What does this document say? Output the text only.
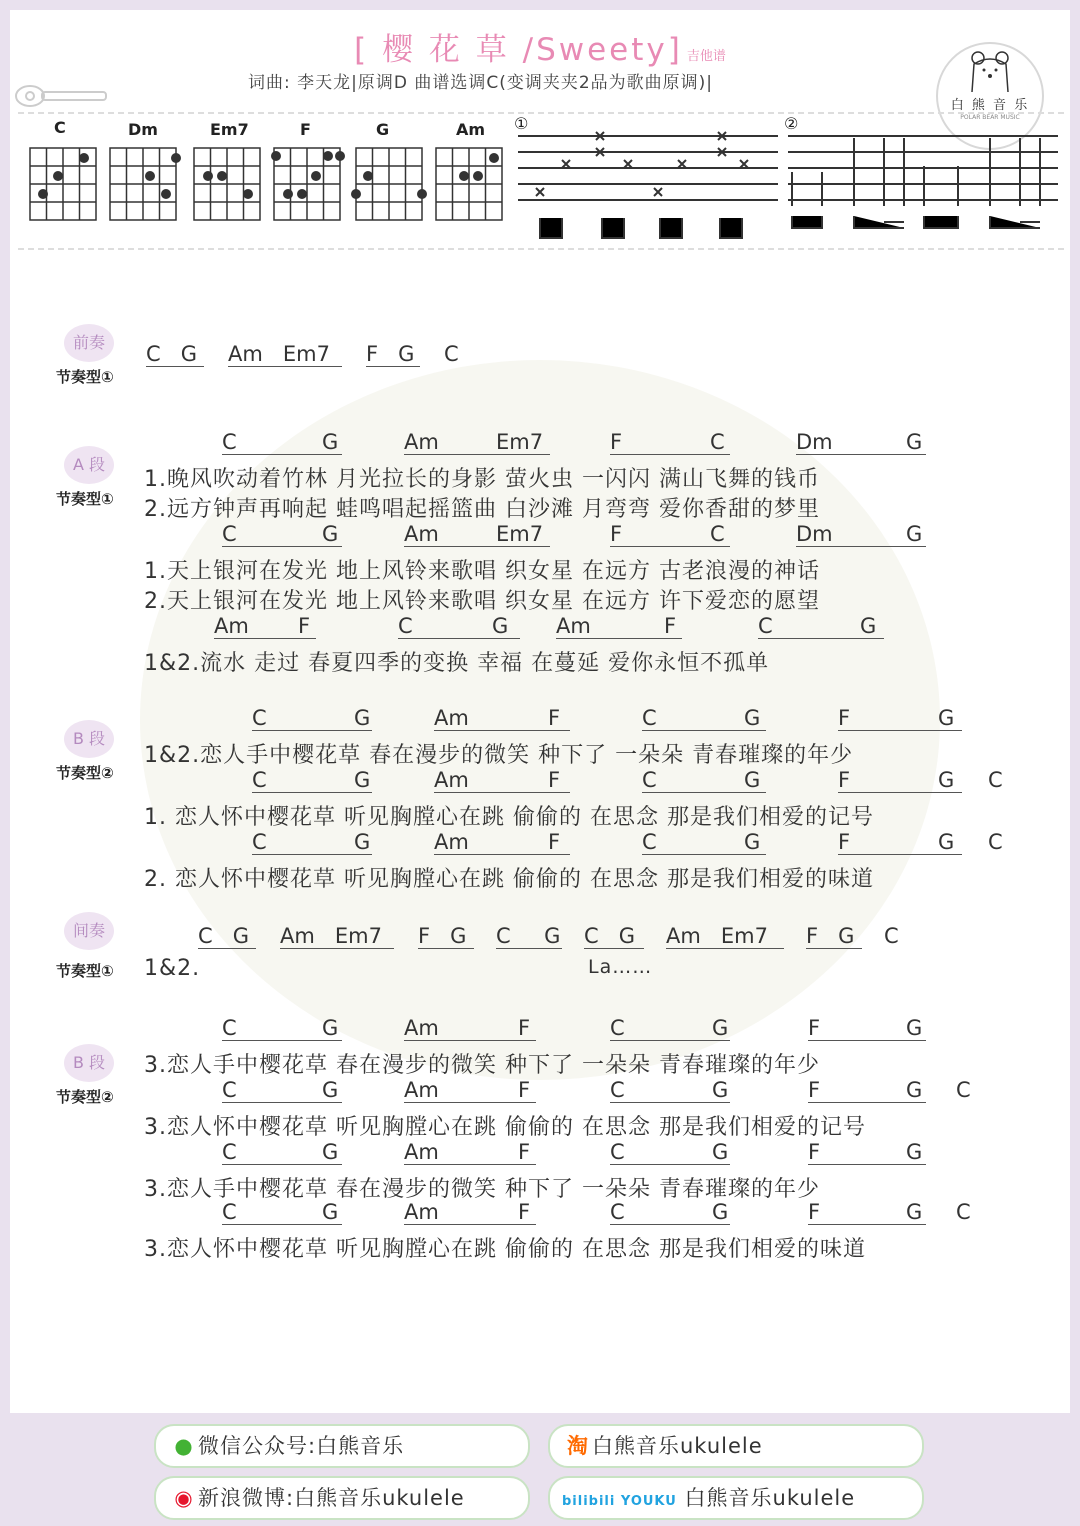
[ 樱 花 草 /Sweety] 吉他谱
词曲: 李天龙|原调D 曲谱选调C(变调夹夹2品为歌曲原调)|
白 熊 音 乐
POLAR BEAR MUSIC
C	Dm	Em7	F	G	Am ①	②
前奏
节奏型①
C G	Am Em7	F G C
A 段
节奏型①
C	G	Am	Em7	F	C	Dm	G
1.晚风吹动着竹林 月光拉长的身影 萤火虫 一闪闪 满山飞舞的钱币
2.远方钟声再响起 蛙鸣唱起摇篮曲 白沙滩 月弯弯 爱你香甜的梦里
C	G	Am	Em7	F	C	Dm	G
1.天上银河在发光 地上风铃来歌唱 织女星 在远方 古老浪漫的神话
2.天上银河在发光 地上风铃来歌唱 织女星 在远方 许下爱恋的愿望
Am	F	C	G Am	F	C	G
1&2.流水 走过 春夏四季的变换 幸福 在蔓延 爱你永恒不孤单
B 段
节奏型②
C	G	Am	F	C	G	F	G
1&2.恋人手中樱花草 春在漫步的微笑 种下了 一朵朵 青春璀璨的年少
C	G	Am	F	C	G	F	G C
1. 恋人怀中樱花草 听见胸膛心在跳 偷偷的 在思念 那是我们相爱的记号
C	G	Am	F	C	G	F	G C
2. 恋人怀中樱花草 听见胸膛心在跳 偷偷的 在思念 那是我们相爱的味道
间奏
节奏型①
C G	Am Em7	F G	C G C G	Am Em7	F G	C
1&2.	La……
B 段
节奏型②
C	G	Am	F	C	G	F	G
3.恋人手中樱花草 春在漫步的微笑 种下了 一朵朵 青春璀璨的年少
C	G	Am	F	C	G	F	G C
3.恋人怀中樱花草 听见胸膛心在跳 偷偷的 在思念 那是我们相爱的记号
C	G	Am	F	C	G	F	G
3.恋人手中樱花草 春在漫步的微笑 种下了 一朵朵 青春璀璨的年少
C	G	Am	F	C	G	F	G C
3.恋人怀中樱花草 听见胸膛心在跳 偷偷的 在思念 那是我们相爱的味道
● 微信公众号:白熊音乐	淘 白熊音乐ukulele
◉ 新浪微博:白熊音乐ukulele	bilibili YOUKU 白熊音乐ukulele
